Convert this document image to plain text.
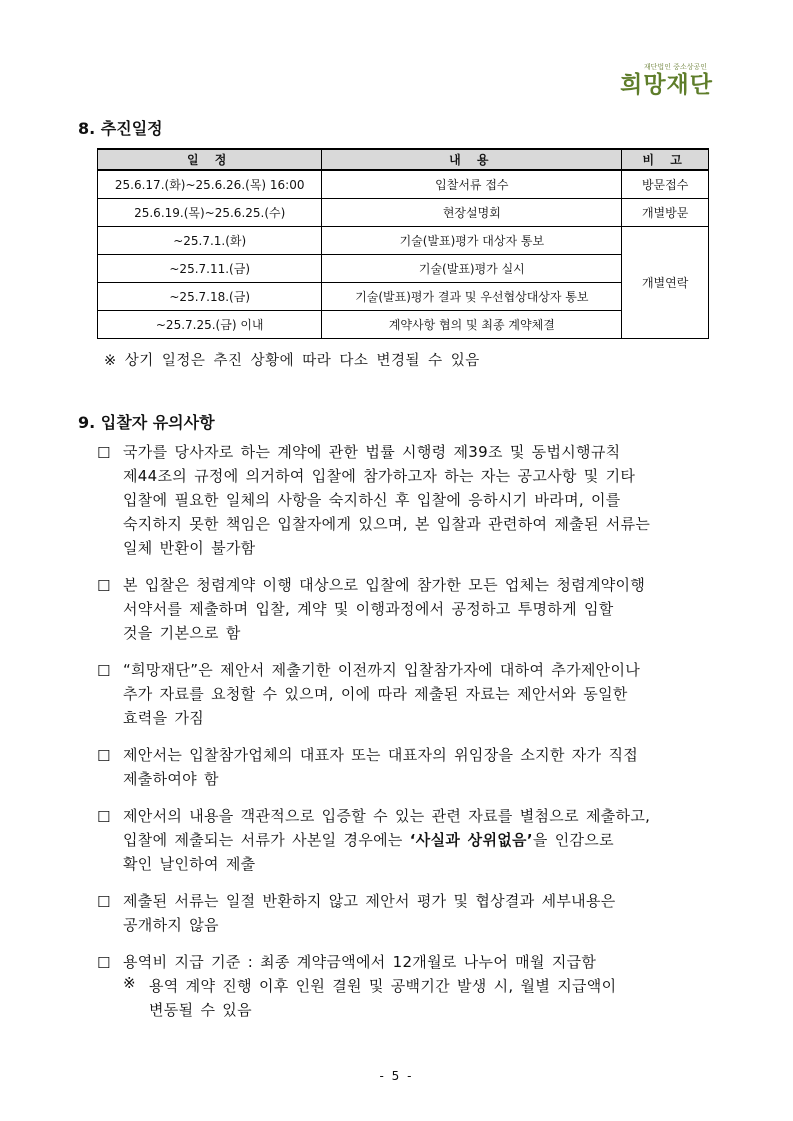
재단법인 중소상공인
희망재단
8. 추진일정
일 정	내 용	비 고
25.6.17.(화)~25.6.26.(목) 16:00	입찰서류 접수	방문접수
25.6.19.(목)~25.6.25.(수)	현장설명회	개별방문
~25.7.1.(화)	기술(발표)평가 대상자 통보	개별연락
~25.7.11.(금)	기술(발표)평가 실시	
~25.7.18.(금)	기술(발표)평가 결과 및 우선협상대상자 통보	
~25.7.25.(금) 이내	계약사항 협의 및 최종 계약체결	
※ 상기 일정은 추진 상황에 따라 다소 변경될 수 있음
9. 입찰자 유의사항
☐ 국가를 당사자로 하는 계약에 관한 법률 시행령 제39조 및 동법시행규칙

제44조의 규정에 의거하여 입찰에 참가하고자 하는 자는 공고사항 및 기타

입찰에 필요한 일체의 사항을 숙지하신 후 입찰에 응하시기 바라며, 이를

숙지하지 못한 책임은 입찰자에게 있으며, 본 입찰과 관련하여 제출된 서류는

일체 반환이 불가함

☐ 본 입찰은 청렴계약 이행 대상으로 입찰에 참가한 모든 업체는 청렴계약이행

서약서를 제출하며 입찰, 계약 및 이행과정에서 공정하고 투명하게 임할

것을 기본으로 함

☐ “희망재단”은 제안서 제출기한 이전까지 입찰참가자에 대하여 추가제안이나

추가 자료를 요청할 수 있으며, 이에 따라 제출된 자료는 제안서와 동일한

효력을 가짐

☐ 제안서는 입찰참가업체의 대표자 또는 대표자의 위임장을 소지한 자가 직접

제출하여야 함

☐ 제안서의 내용을 객관적으로 입증할 수 있는 관련 자료를 별첨으로 제출하고,

입찰에 제출되는 서류가 사본일 경우에는 ‘사실과 상위없음’을 인감으로

확인 날인하여 제출

☐ 제출된 서류는 일절 반환하지 않고 제안서 평가 및 협상결과 세부내용은

공개하지 않음

☐ 용역비 지급 기준 : 최종 계약금액에서 12개월로 나누어 매월 지급함

※ 용역 계약 진행 이후 인원 결원 및 공백기간 발생 시, 월별 지급액이

변동될 수 있음

- 5 -
